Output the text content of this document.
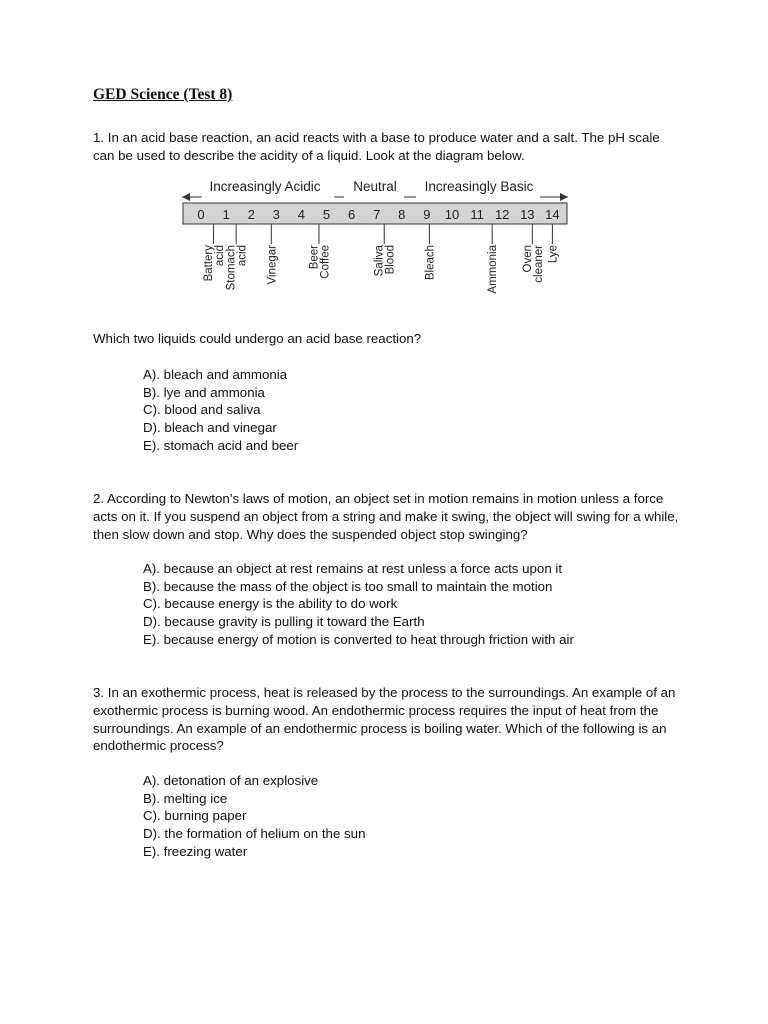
GED Science (Test 8)
1. In an acid base reaction, an acid reacts with a base to produce water and a salt. The pH scale can be used to describe the acidity of a liquid. Look at the diagram below.
Increasingly Acidic Neutral Increasingly Basic
0 1 2 3 4 5 6 7 8 9 10 11 12 13 14
Battery acid Stomach acid Vinegar	Beer Coffee	Saliva Blood Bleach	Ammonia Oven cleaner Lye
Which two liquids could undergo an acid base reaction?
A). bleach and ammonia
B). lye and ammonia
C). blood and saliva
D). bleach and vinegar
E). stomach acid and beer
2. According to Newton’s laws of motion, an object set in motion remains in motion unless a force acts on it. If you suspend an object from a string and make it swing, the object will swing for a while, then slow down and stop. Why does the suspended object stop swinging?
A). because an object at rest remains at rest unless a force acts upon it
B). because the mass of the object is too small to maintain the motion
C). because energy is the ability to do work
D). because gravity is pulling it toward the Earth
E). because energy of motion is converted to heat through friction with air
3. In an exothermic process, heat is released by the process to the surroundings. An example of an exothermic process is burning wood. An endothermic process requires the input of heat from the surroundings. An example of an endothermic process is boiling water. Which of the following is an endothermic process?
A). detonation of an explosive
B). melting ice
C). burning paper
D). the formation of helium on the sun
E). freezing water
